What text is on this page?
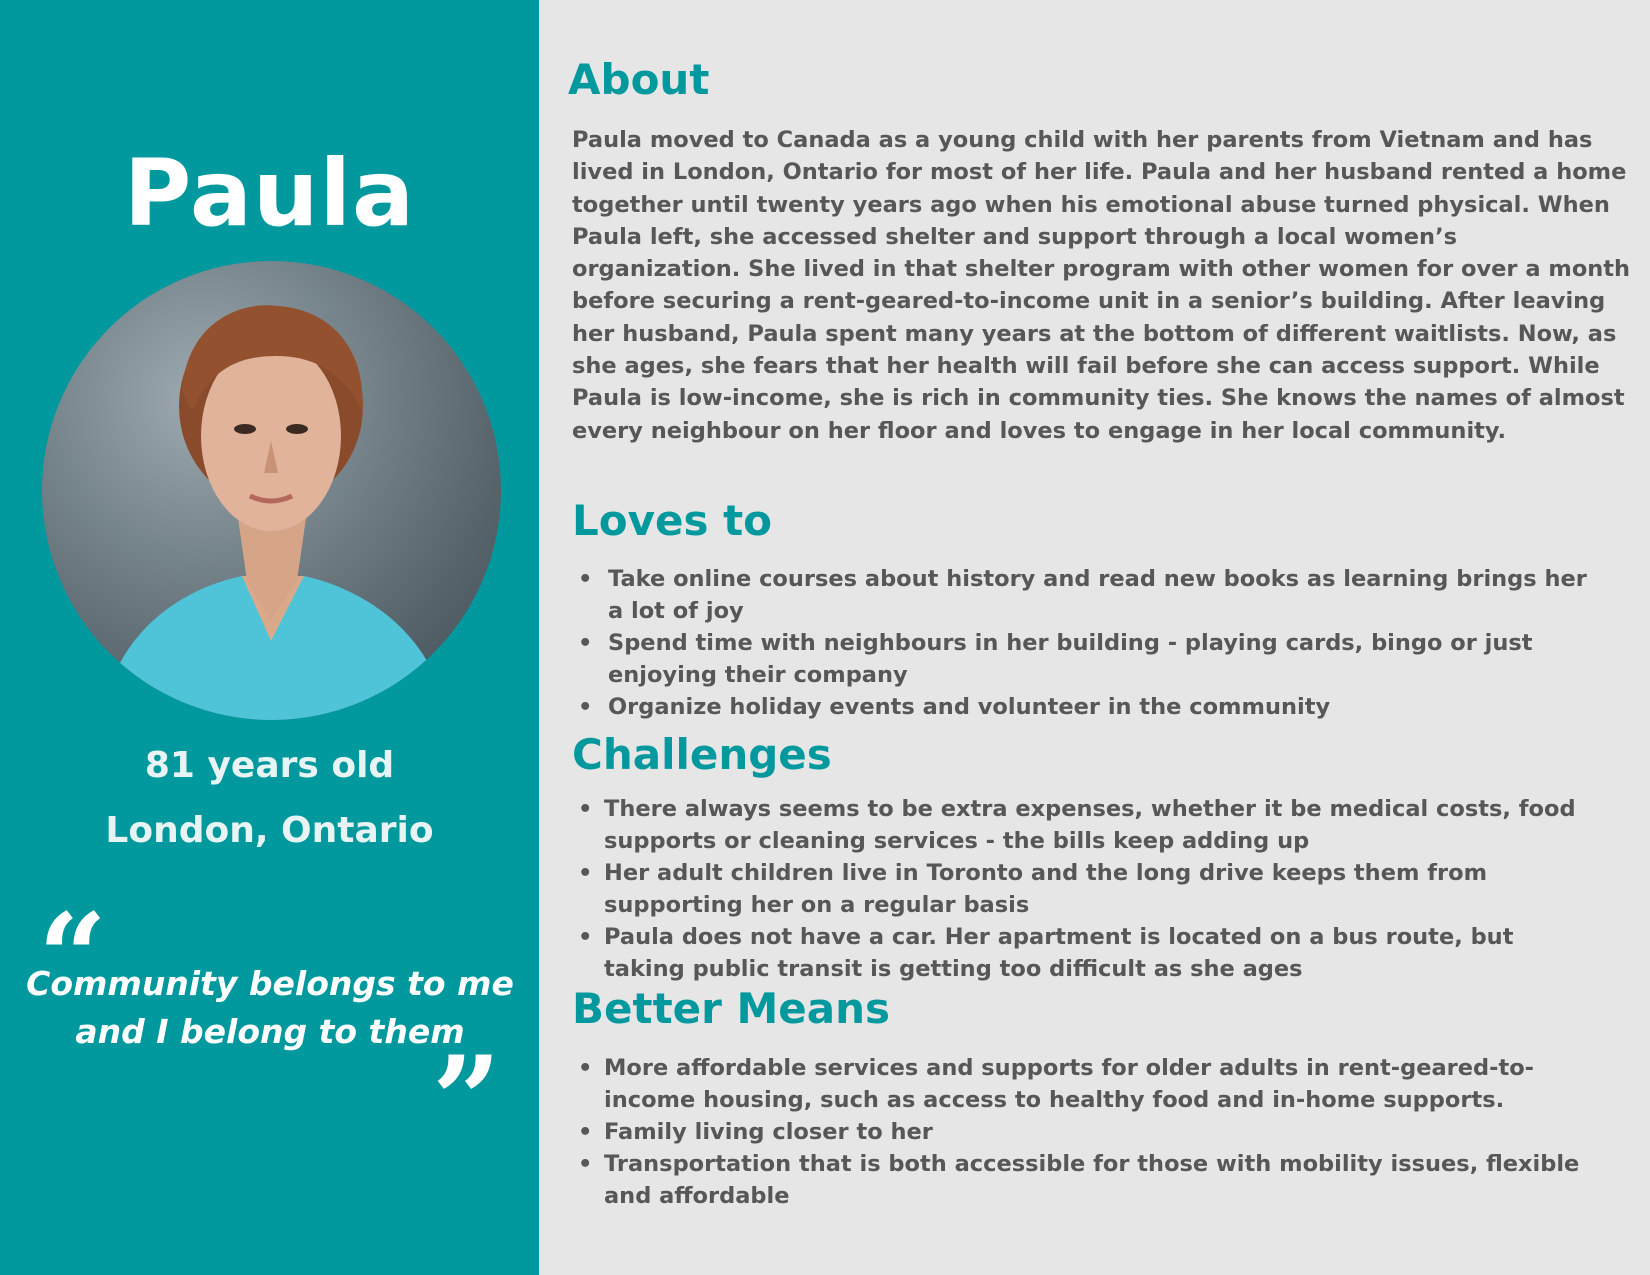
Paula
81 years old
London, Ontario
“
Community belongs to me and I belong to them
”
About

Paula moved to Canada as a young child with her parents from Vietnam and has lived in London, Ontario for most of her life. Paula and her husband rented a home together until twenty years ago when his emotional abuse turned physical. When Paula left, she accessed shelter and support through a local women’s organization. She lived in that shelter program with other women for over a month before securing a rent-geared-to-income unit in a senior’s building. After leaving her husband, Paula spent many years at the bottom of different waitlists. Now, as she ages, she fears that her health will fail before she can access support. While Paula is low-income, she is rich in community ties. She knows the names of almost every neighbour on her floor and loves to engage in her local community.

Loves to
• Take online courses about history and read new books as learning brings her a lot of joy
• Spend time with neighbours in her building - playing cards, bingo or just enjoying their company
• Organize holiday events and volunteer in the community
Challenges
• There always seems to be extra expenses, whether it be medical costs, food supports or cleaning services - the bills keep adding up
• Her adult children live in Toronto and the long drive keeps them from supporting her on a regular basis
• Paula does not have a car. Her apartment is located on a bus route, but taking public transit is getting too difficult as she ages
Better Means
• More affordable services and supports for older adults in rent-geared-to-income housing, such as access to healthy food and in-home supports.
• Family living closer to her
• Transportation that is both accessible for those with mobility issues, flexible and affordable
